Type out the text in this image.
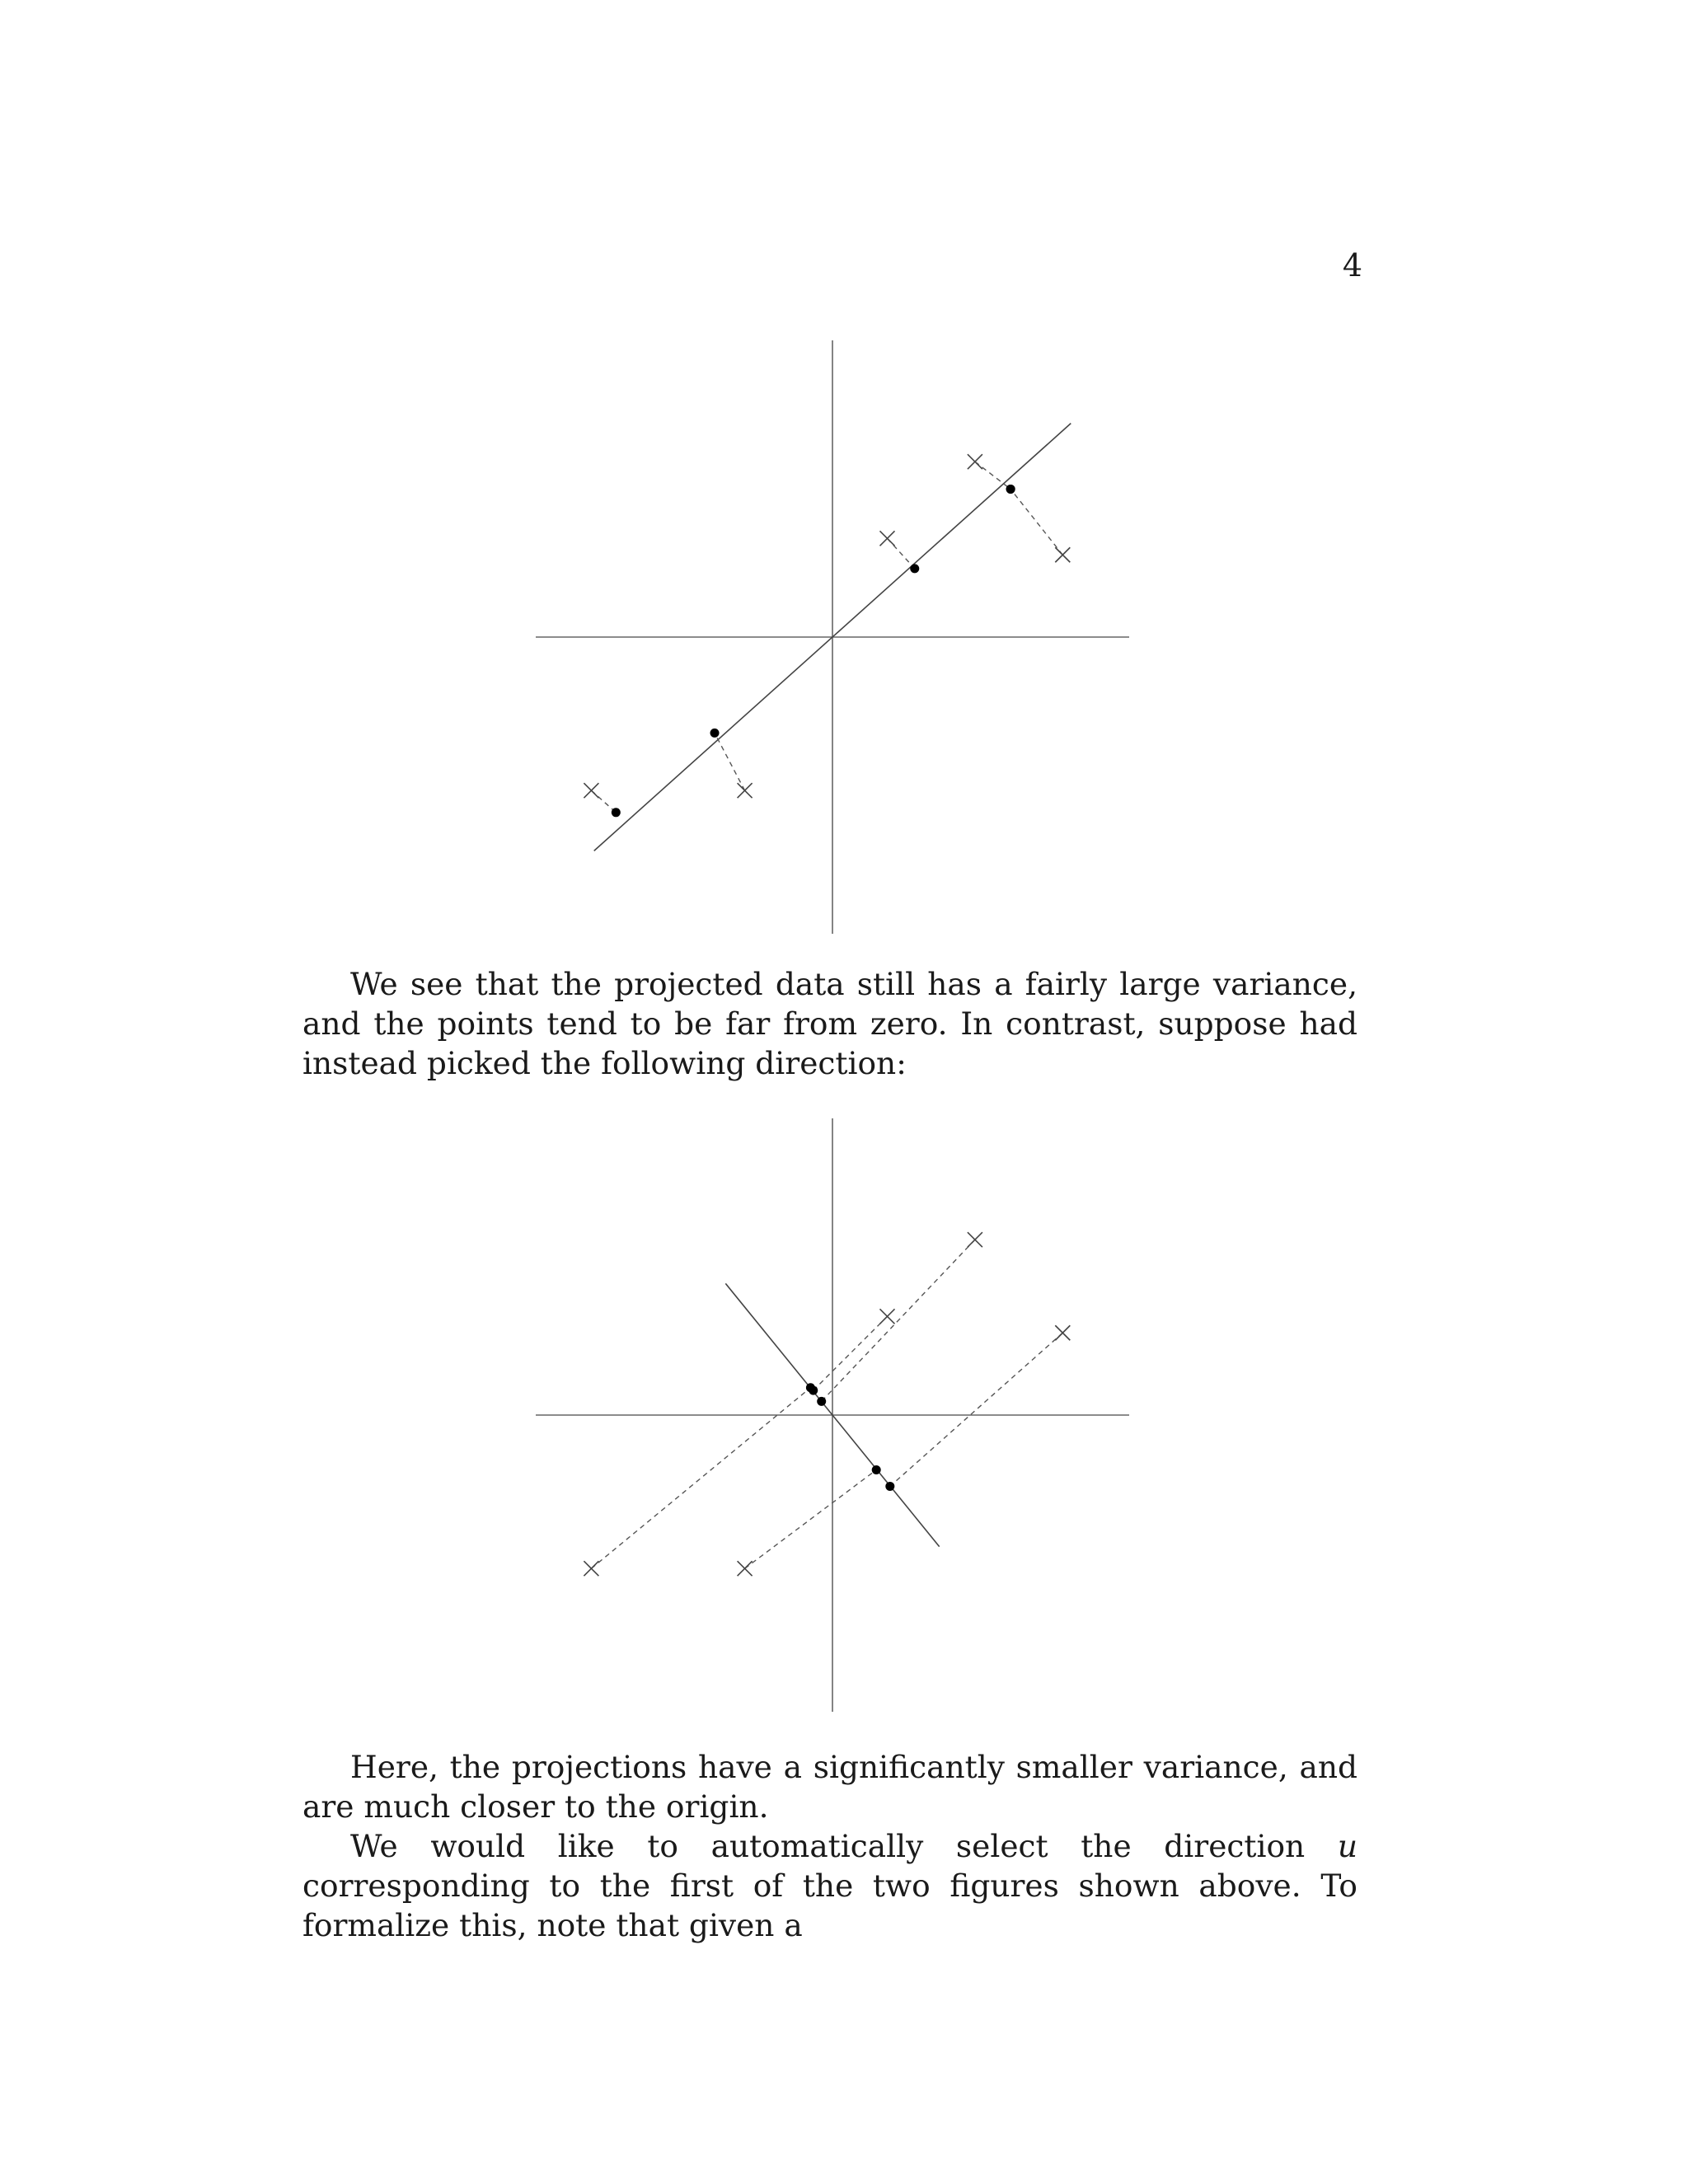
4

We see that the projected data still has a fairly large variance, and the points tend to be far from zero. In contrast, suppose had instead picked the following direction:

Here, the projections have a significantly smaller variance, and are much closer to the origin.

We would like to automatically select the direction u corresponding to the first of the two figures shown above. To formalize this, note that given a
